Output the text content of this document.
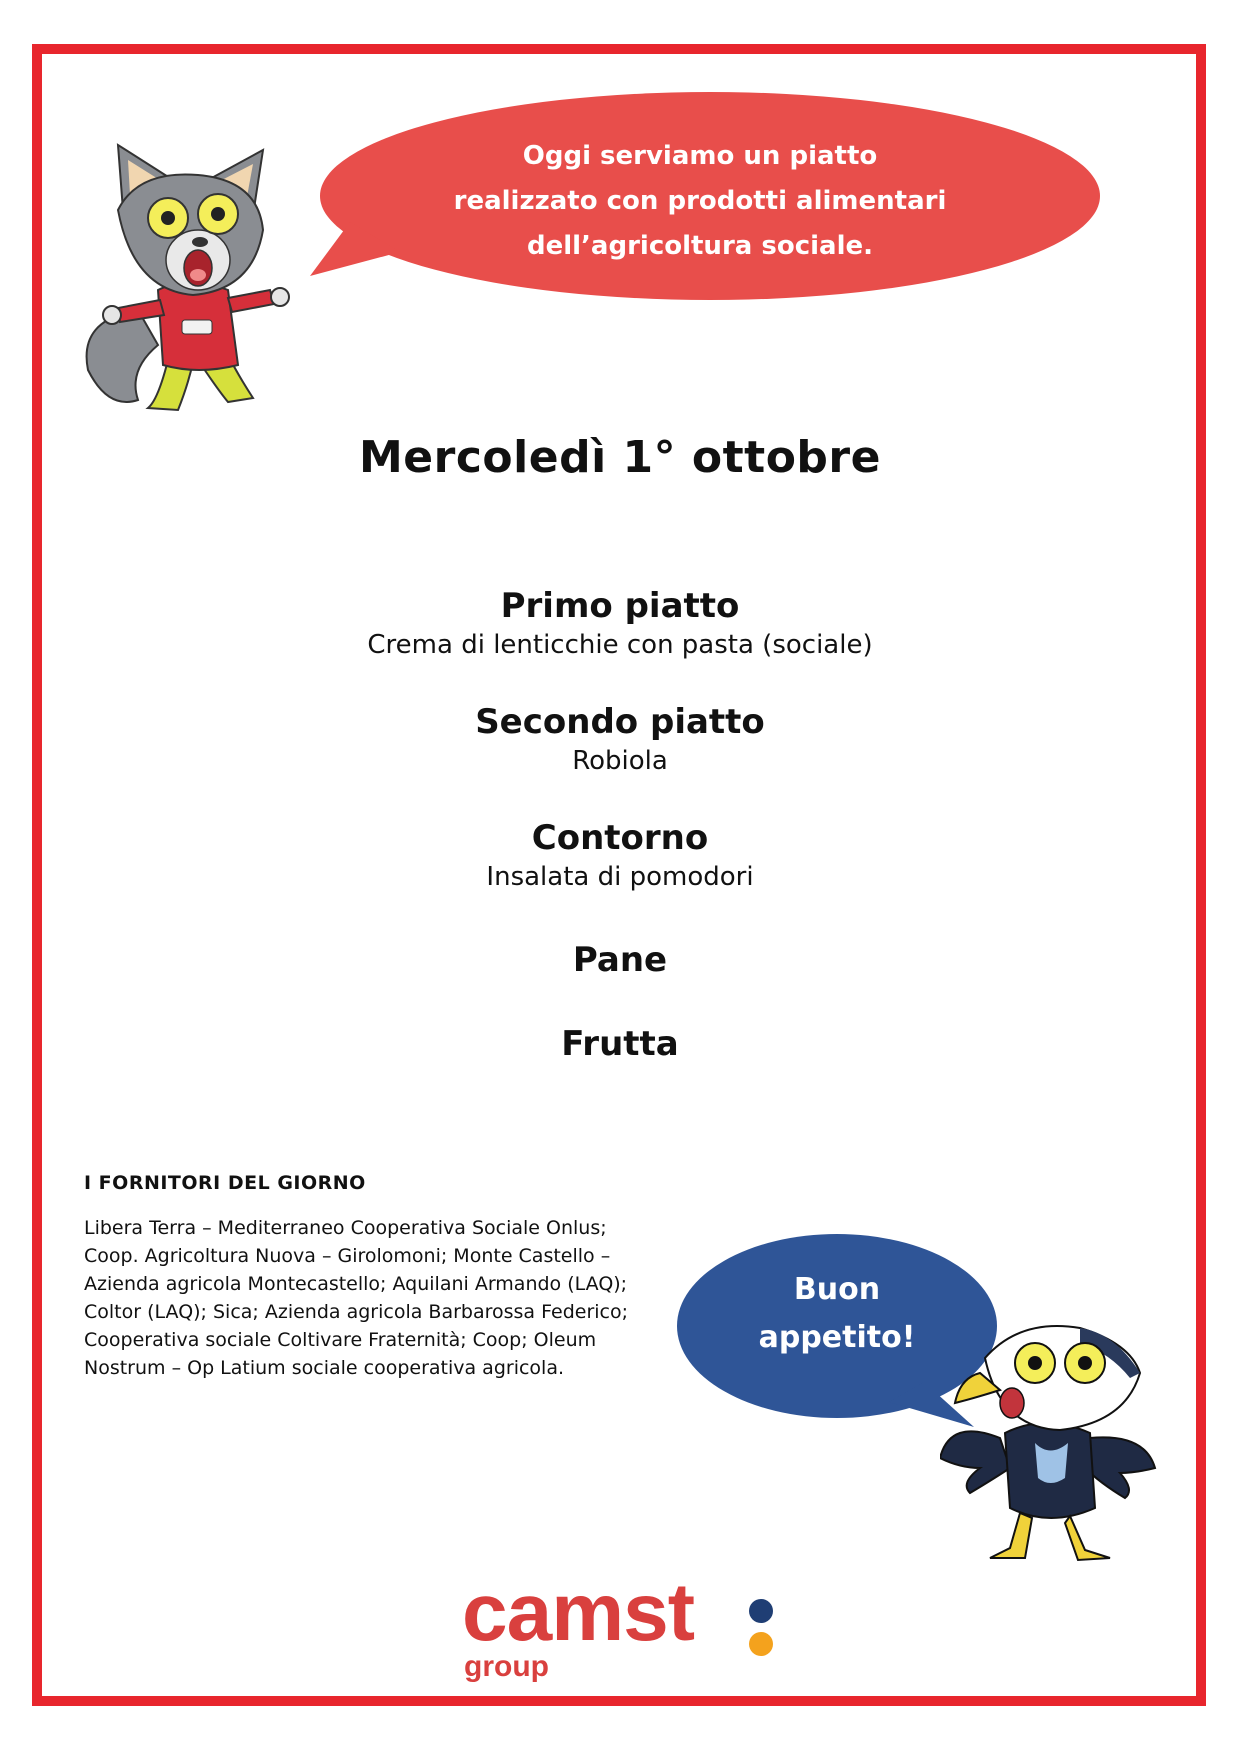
Oggi serviamo un piatto
realizzato con prodotti alimentari
dell’agricoltura sociale.
Mercoledì 1° ottobre
Primo piatto
Crema di lenticchie con pasta (sociale)
Secondo piatto
Robiola
Contorno
Insalata di pomodori
Pane
Frutta
I FORNITORI DEL GIORNO
Libera Terra – Mediterraneo Cooperativa Sociale Onlus; Coop. Agricoltura Nuova – Girolomoni; Monte Castello – Azienda agricola Montecastello; Aquilani Armando (LAQ); Coltor (LAQ); Sica; Azienda agricola Barbarossa Federico; Cooperativa sociale Coltivare Fraternità; Coop; Oleum Nostrum – Op Latium sociale cooperativa agricola.
Buon
appetito!
camst
group
